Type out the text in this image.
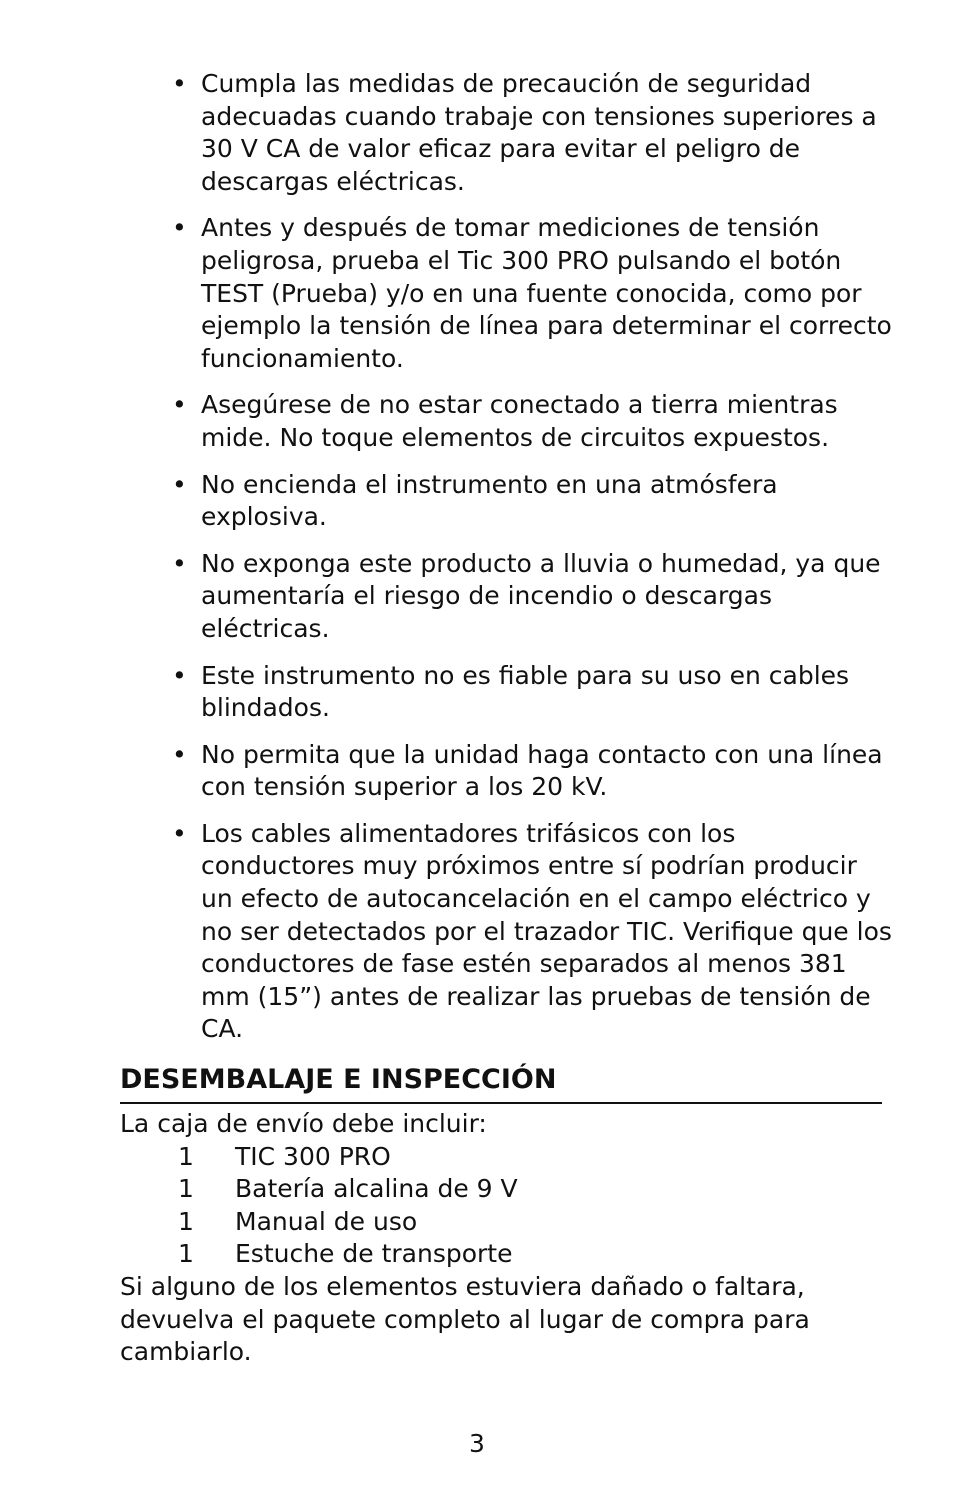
• Cumpla las medidas de precaución de seguridad adecuadas cuando trabaje con tensiones superiores a 30 V CA de valor eficaz para evitar el peligro de descargas eléctricas.
• Antes y después de tomar mediciones de tensión peligrosa, prueba el Tic 300 PRO pulsando el botón TEST (Prueba) y/o en una fuente conocida, como por ejemplo la tensión de línea para determinar el correcto funcionamiento.
• Asegúrese de no estar conectado a tierra mientras mide. No toque elementos de circuitos expuestos.
• No encienda el instrumento en una atmósfera explosiva.
• No exponga este producto a lluvia o humedad, ya que aumentaría el riesgo de incendio o descargas eléctricas.
• Este instrumento no es fiable para su uso en cables blindados.
• No permita que la unidad haga contacto con una línea con tensión superior a los 20 kV.
• Los cables alimentadores trifásicos con los conductores muy próximos entre sí podrían producir un efecto de autocancelación en el campo eléctrico y no ser detectados por el trazador TIC. Verifique que los conductores de fase estén separados al menos 381 mm (15”) antes de realizar las pruebas de tensión de CA.
DESEMBALAJE E INSPECCIÓN

La caja de envío debe incluir:

1	TIC 300 PRO
1	Batería alcalina de 9 V
1	Manual de uso
1	Estuche de transporte

Si alguno de los elementos estuviera dañado o faltara, devuelva el paquete completo al lugar de compra para cambiarlo.

3
